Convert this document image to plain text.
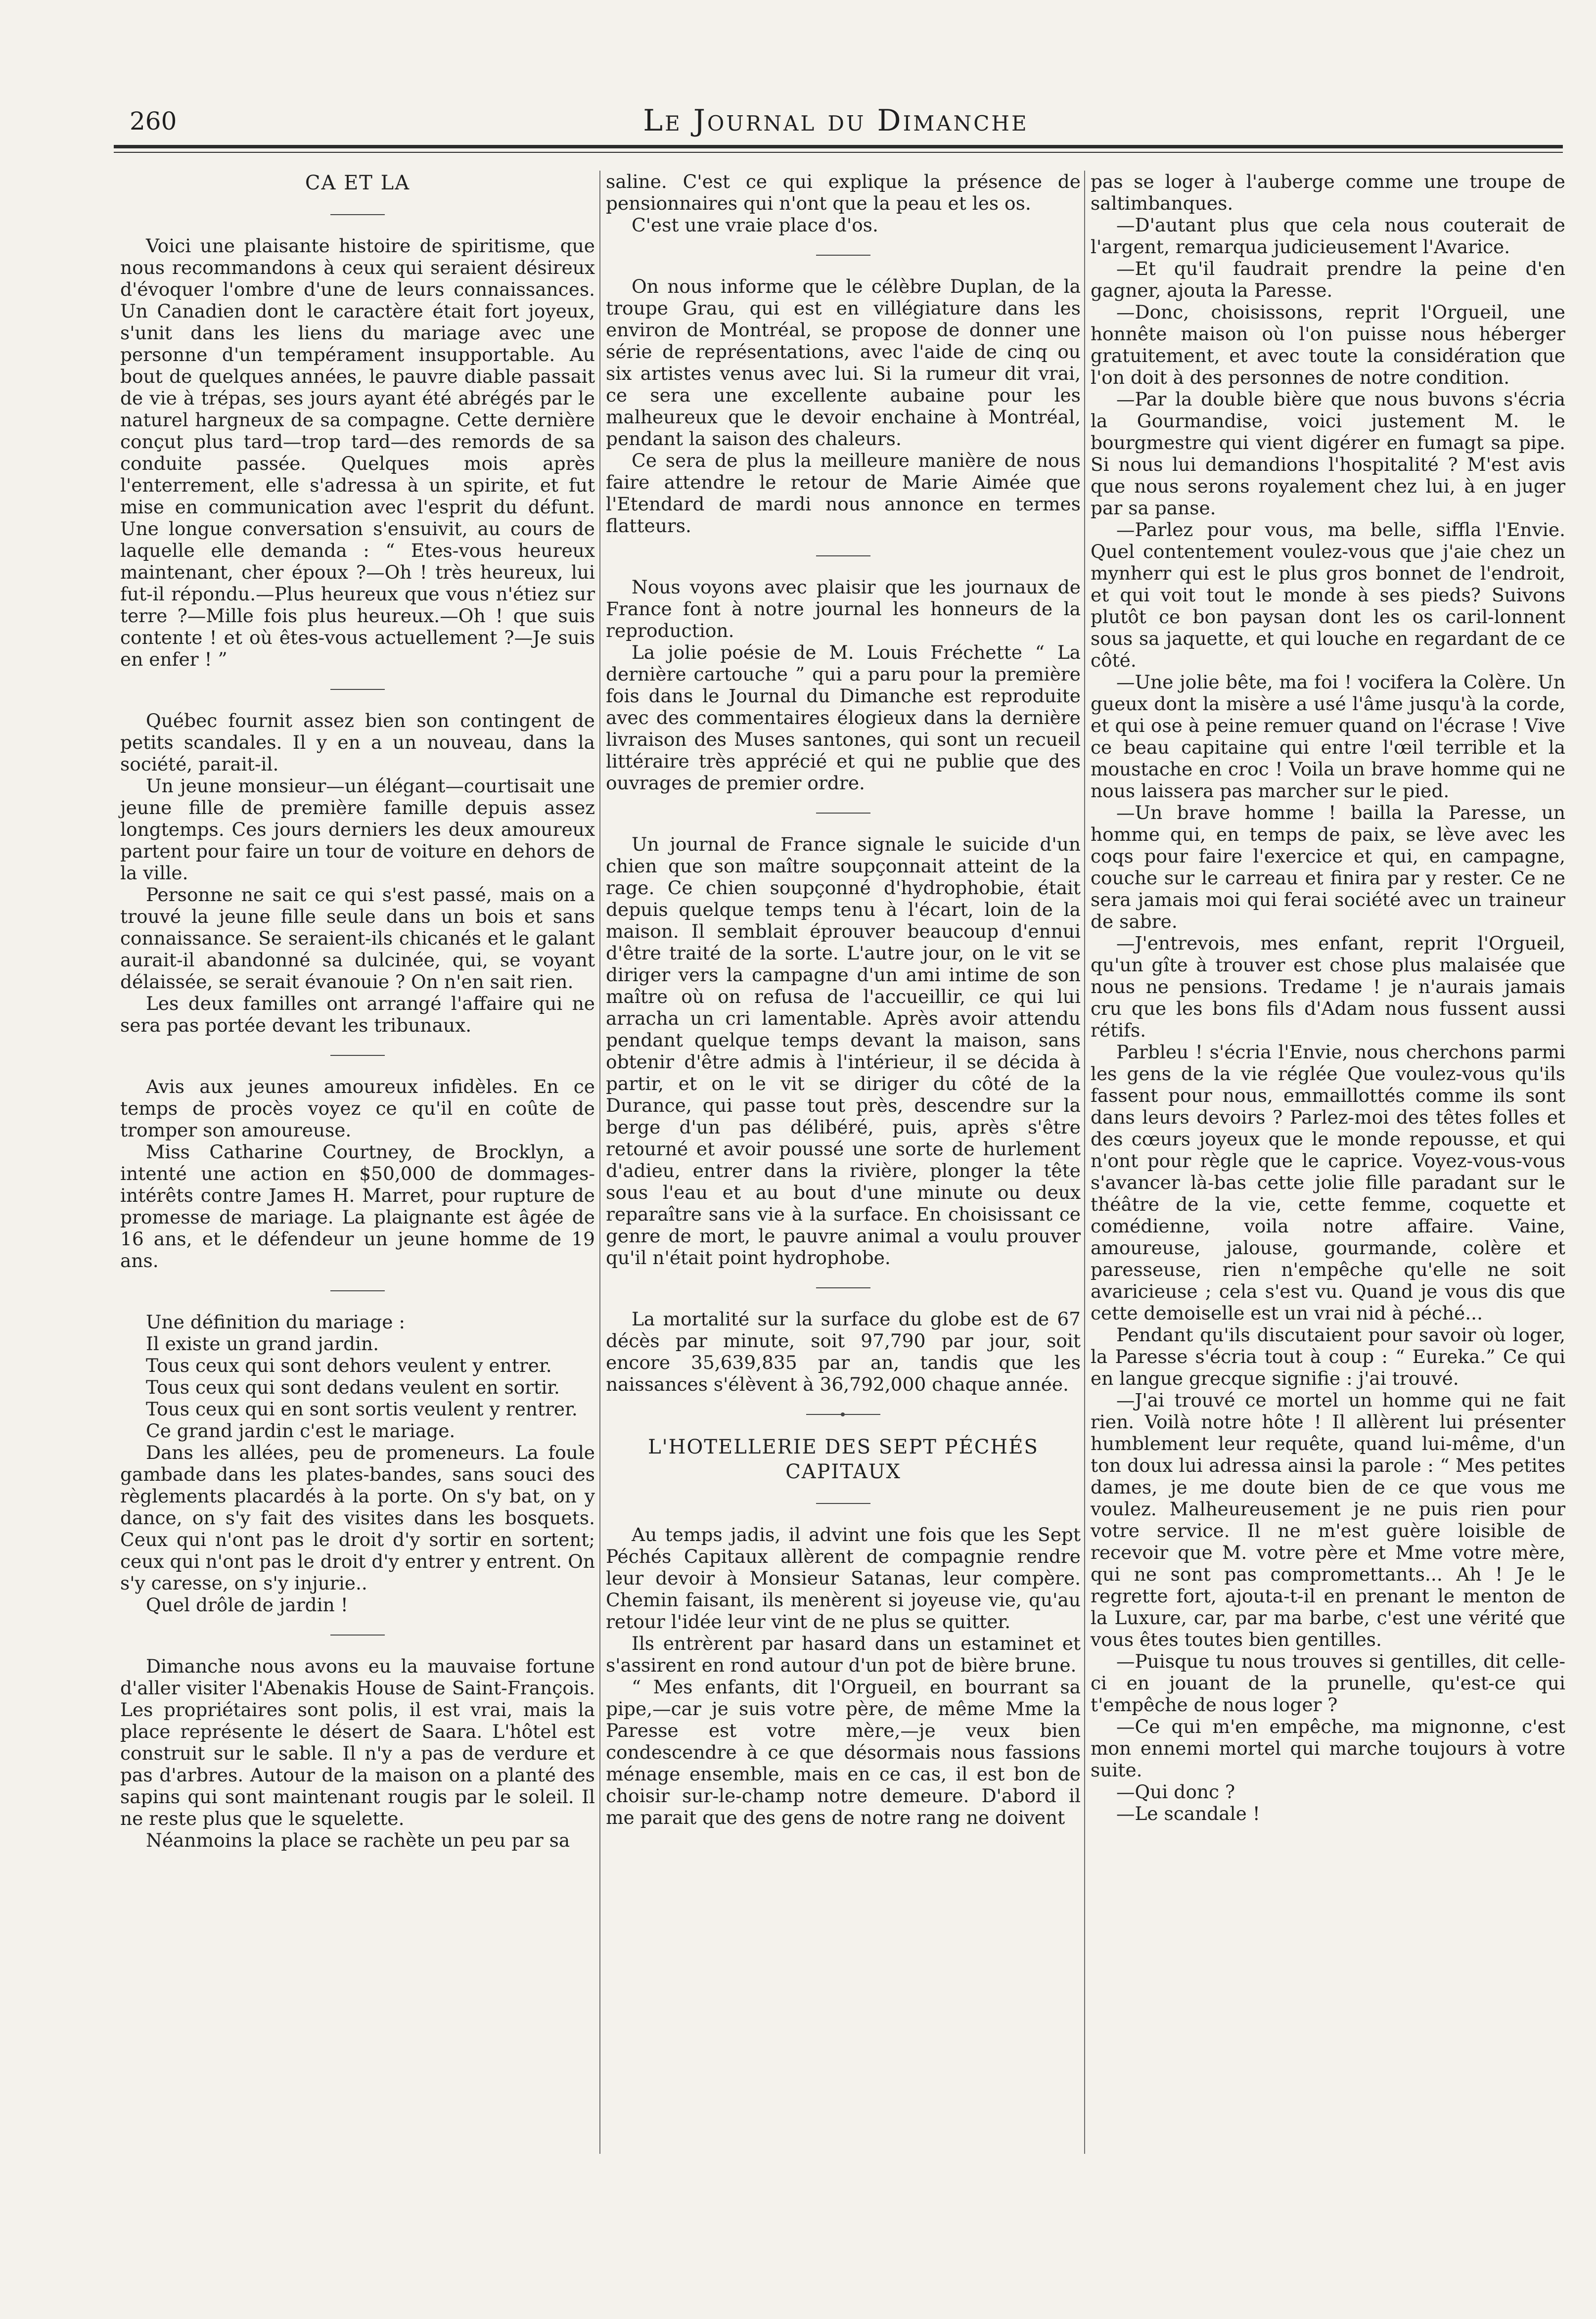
260	Le Journal du Dimanche
CA ET LA

Voici une plaisante histoire de spiritisme, que nous recommandons à ceux qui seraient désireux d'évoquer l'ombre d'une de leurs connaissances. Un Canadien dont le caractère était fort joyeux, s'unit dans les liens du mariage avec une personne d'un tempérament insupportable. Au bout de quelques années, le pauvre diable passait de vie à trépas, ses jours ayant été abrégés par le naturel hargneux de sa compagne. Cette dernière conçut plus tard—trop tard—des remords de sa conduite passée. Quelques mois après l'enterrement, elle s'adressa à un spirite, et fut mise en communication avec l'esprit du défunt. Une longue conversation s'ensuivit, au cours de laquelle elle demanda : “ Etes-vous heureux maintenant, cher époux ?—Oh ! très heureux, lui fut-il répondu.—Plus heureux que vous n'étiez sur terre ?—Mille fois plus heureux.—Oh ! que suis contente ! et où êtes-vous actuellement ?—Je suis en enfer ! ”

Québec fournit assez bien son contingent de petits scandales. Il y en a un nouveau, dans la société, parait-il.

Un jeune monsieur—un élégant—courtisait une jeune fille de première famille depuis assez longtemps. Ces jours derniers les deux amoureux partent pour faire un tour de voiture en dehors de la ville.

Personne ne sait ce qui s'est passé, mais on a trouvé la jeune fille seule dans un bois et sans connaissance. Se seraient-ils chicanés et le galant aurait-il abandonné sa dulcinée, qui, se voyant délaissée, se serait évanouie ? On n'en sait rien.

Les deux familles ont arrangé l'affaire qui ne sera pas portée devant les tribunaux.

Avis aux jeunes amoureux infidèles. En ce temps de procès voyez ce qu'il en coûte de tromper son amoureuse.

Miss Catharine Courtney, de Brocklyn, a intenté une action en $50,000 de dommages-intérêts contre James H. Marret, pour rupture de promesse de mariage. La plaignante est âgée de 16 ans, et le défendeur un jeune homme de 19 ans.

Une définition du mariage :

Il existe un grand jardin.

Tous ceux qui sont dehors veulent y entrer.

Tous ceux qui sont dedans veulent en sortir.

Tous ceux qui en sont sortis veulent y rentrer.

Ce grand jardin c'est le mariage.

Dans les allées, peu de promeneurs. La foule gambade dans les plates-bandes, sans souci des règlements placardés à la porte. On s'y bat, on y dance, on s'y fait des visites dans les bosquets. Ceux qui n'ont pas le droit d'y sortir en sortent; ceux qui n'ont pas le droit d'y entrer y entrent. On s'y caresse, on s'y injurie..

Quel drôle de jardin !

Dimanche nous avons eu la mauvaise fortune d'aller visiter l'Abenakis House de Saint-François. Les propriétaires sont polis, il est vrai, mais la place représente le désert de Saara. L'hôtel est construit sur le sable. Il n'y a pas de verdure et pas d'arbres. Autour de la maison on a planté des sapins qui sont maintenant rougis par le soleil. Il ne reste plus que le squelette.

Néanmoins la place se rachète un peu par sa

saline. C'est ce qui explique la présence de pensionnaires qui n'ont que la peau et les os.

C'est une vraie place d'os.

On nous informe que le célèbre Duplan, de la troupe Grau, qui est en villégiature dans les environ de Montréal, se propose de donner une série de représentations, avec l'aide de cinq ou six artistes venus avec lui. Si la rumeur dit vrai, ce sera une excellente aubaine pour les malheureux que le devoir enchaine à Montréal, pendant la saison des chaleurs.

Ce sera de plus la meilleure manière de nous faire attendre le retour de Marie Aimée que l'Etendard de mardi nous annonce en termes flatteurs.

Nous voyons avec plaisir que les journaux de France font à notre journal les honneurs de la reproduction.

La jolie poésie de M. Louis Fréchette “ La dernière cartouche ” qui a paru pour la première fois dans le Journal du Dimanche est reproduite avec des commentaires élogieux dans la dernière livraison des Muses santones, qui sont un recueil littéraire très apprécié et qui ne publie que des ouvrages de premier ordre.

Un journal de France signale le suicide d'un chien que son maître soupçonnait atteint de la rage. Ce chien soupçonné d'hydrophobie, était depuis quelque temps tenu à l'écart, loin de la maison. Il semblait éprouver beaucoup d'ennui d'être traité de la sorte. L'autre jour, on le vit se diriger vers la campagne d'un ami intime de son maître où on refusa de l'accueillir, ce qui lui arracha un cri lamentable. Après avoir attendu pendant quelque temps devant la maison, sans obtenir d'être admis à l'intérieur, il se décida à partir, et on le vit se diriger du côté de la Durance, qui passe tout près, descendre sur la berge d'un pas délibéré, puis, après s'être retourné et avoir poussé une sorte de hurlement d'adieu, entrer dans la rivière, plonger la tête sous l'eau et au bout d'une minute ou deux reparaître sans vie à la surface. En choisissant ce genre de mort, le pauvre animal a voulu prouver qu'il n'était point hydrophobe.

La mortalité sur la surface du globe est de 67 décès par minute, soit 97,790 par jour, soit encore 35,639,835 par an, tandis que les naissances s'élèvent à 36,792,000 chaque année.

L'HOTELLERIE DES SEPT PÉCHÉS CAPITAUX

Au temps jadis, il advint une fois que les Sept Péchés Capitaux allèrent de compagnie rendre leur devoir à Monsieur Satanas, leur compère. Chemin faisant, ils menèrent si joyeuse vie, qu'au retour l'idée leur vint de ne plus se quitter.

Ils entrèrent par hasard dans un estaminet et s'assirent en rond autour d'un pot de bière brune.

“ Mes enfants, dit l'Orgueil, en bourrant sa pipe,—car je suis votre père, de même Mme la Paresse est votre mère,—je veux bien condescendre à ce que désormais nous fassions ménage ensemble, mais en ce cas, il est bon de choisir sur-le-champ notre demeure. D'abord il me parait que des gens de notre rang ne doivent

pas se loger à l'auberge comme une troupe de saltimbanques.

—D'autant plus que cela nous couterait de l'argent, remarqua judicieusement l'Avarice.

—Et qu'il faudrait prendre la peine d'en gagner, ajouta la Paresse.

—Donc, choisissons, reprit l'Orgueil, une honnête maison où l'on puisse nous héberger gratuitement, et avec toute la considération que l'on doit à des personnes de notre condition.

—Par la double bière que nous buvons s'écria la Gourmandise, voici justement M. le bourgmestre qui vient digérer en fumagt sa pipe. Si nous lui demandions l'hospitalité ? M'est avis que nous serons royalement chez lui, à en juger par sa panse.

—Parlez pour vous, ma belle, siffla l'Envie. Quel contentement voulez-vous que j'aie chez un mynherr qui est le plus gros bonnet de l'endroit, et qui voit tout le monde à ses pieds? Suivons plutôt ce bon paysan dont les os caril-lonnent sous sa jaquette, et qui louche en regardant de ce côté.

—Une jolie bête, ma foi ! vocifera la Colère. Un gueux dont la misère a usé l'âme jusqu'à la corde, et qui ose à peine remuer quand on l'écrase ! Vive ce beau capitaine qui entre l'œil terrible et la moustache en croc ! Voila un brave homme qui ne nous laissera pas marcher sur le pied.

—Un brave homme ! bailla la Paresse, un homme qui, en temps de paix, se lève avec les coqs pour faire l'exercice et qui, en campagne, couche sur le carreau et finira par y rester. Ce ne sera jamais moi qui ferai société avec un traineur de sabre.

—J'entrevois, mes enfant, reprit l'Orgueil, qu'un gîte à trouver est chose plus malaisée que nous ne pensions. Tredame ! je n'aurais jamais cru que les bons fils d'Adam nous fussent aussi rétifs.

Parbleu ! s'écria l'Envie, nous cherchons parmi les gens de la vie réglée Que voulez-vous qu'ils fassent pour nous, emmaillottés comme ils sont dans leurs devoirs ? Parlez-moi des têtes folles et des cœurs joyeux que le monde repousse, et qui n'ont pour règle que le caprice. Voyez-vous-vous s'avancer là-bas cette jolie fille paradant sur le théâtre de la vie, cette femme, coquette et comédienne, voila notre affaire. Vaine, amoureuse, jalouse, gourmande, colère et paresseuse, rien n'empêche qu'elle ne soit avaricieuse ; cela s'est vu. Quand je vous dis que cette demoiselle est un vrai nid à péché...

Pendant qu'ils discutaient pour savoir où loger, la Paresse s'écria tout à coup : “ Eureka.” Ce qui en langue grecque signifie : j'ai trouvé.

—J'ai trouvé ce mortel un homme qui ne fait rien. Voilà notre hôte ! Il allèrent lui présenter humblement leur requête, quand lui-même, d'un ton doux lui adressa ainsi la parole : “ Mes petites dames, je me doute bien de ce que vous me voulez. Malheureusement je ne puis rien pour votre service. Il ne m'est guère loisible de recevoir que M. votre père et Mme votre mère, qui ne sont pas compromettants... Ah ! Je le regrette fort, ajouta-t-il en prenant le menton de la Luxure, car, par ma barbe, c'est une vérité que vous êtes toutes bien gentilles.

—Puisque tu nous trouves si gentilles, dit celle-ci en jouant de la prunelle, qu'est-ce qui t'empêche de nous loger ?

—Ce qui m'en empêche, ma mignonne, c'est mon ennemi mortel qui marche toujours à votre suite.

—Qui donc ?

—Le scandale !
